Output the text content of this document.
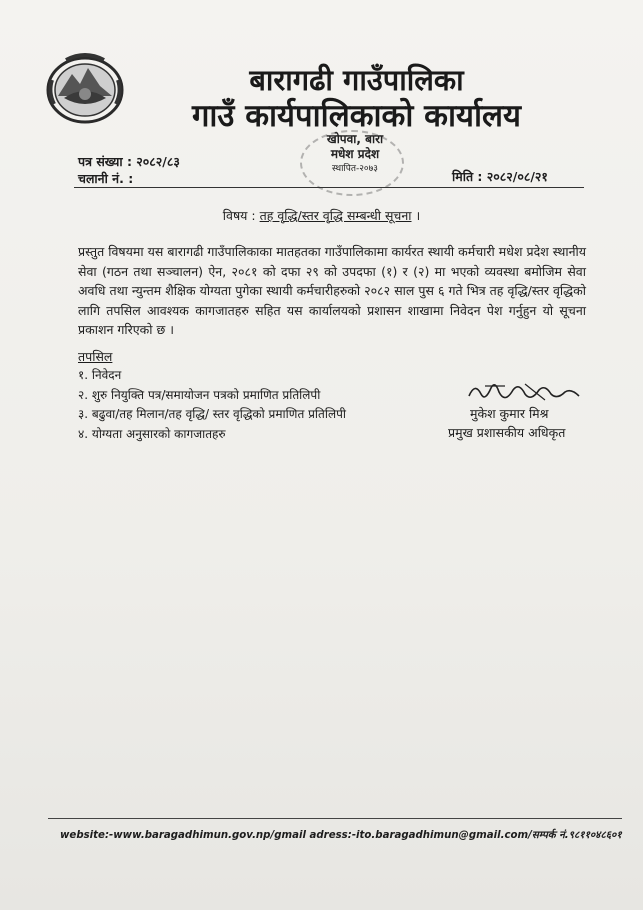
बारागढी गाउँपालिका
गाउँ कार्यपालिकाको कार्यालय
खोपवा, बारा
मधेश प्रदेश
स्थापित-२०७३
पत्र संख्या : २०८२/८३
चलानी नं. :	मिति : २०८२/०८/२१
विषय : तह वृद्धि/स्तर वृद्धि सम्बन्धी सूचना ।
प्रस्तुत विषयमा यस बारागढी गाउँपालिकाका मातहतका गाउँपालिकामा कार्यरत स्थायी कर्मचारी मधेश प्रदेश स्थानीय सेवा (गठन तथा सञ्चालन) ऐन, २०८१ को दफा २९ को उपदफा (१) र (२) मा भएको व्यवस्था बमोजिम सेवा अवधि तथा न्युन्तम शैक्षिक योग्यता पुगेका स्थायी कर्मचारीहरुको २०८२ साल पुस ६ गते भित्र तह वृद्धि/स्तर वृद्धिको लागि तपसिल आवश्यक कागजातहरु सहित यस कार्यालयको प्रशासन शाखामा निवेदन पेश गर्नुहुन यो सूचना प्रकाशन गरिएको छ ।
तपसिल
१. निवेदन
२. शुरु नियुक्ति पत्र/समायोजन पत्रको प्रमाणित प्रतिलिपी
३. बढुवा/तह मिलान/तह वृद्धि/ स्तर वृद्धिको प्रमाणित प्रतिलिपी
४. योग्यता अनुसारको कागजातहरु
मुकेश कुमार मिश्र
प्रमुख प्रशासकीय अधिकृत
website:-www.baragadhimun.gov.np/gmail adress:-ito.baragadhimun@gmail.com/सम्पर्क नं.९८११०४८६०१
